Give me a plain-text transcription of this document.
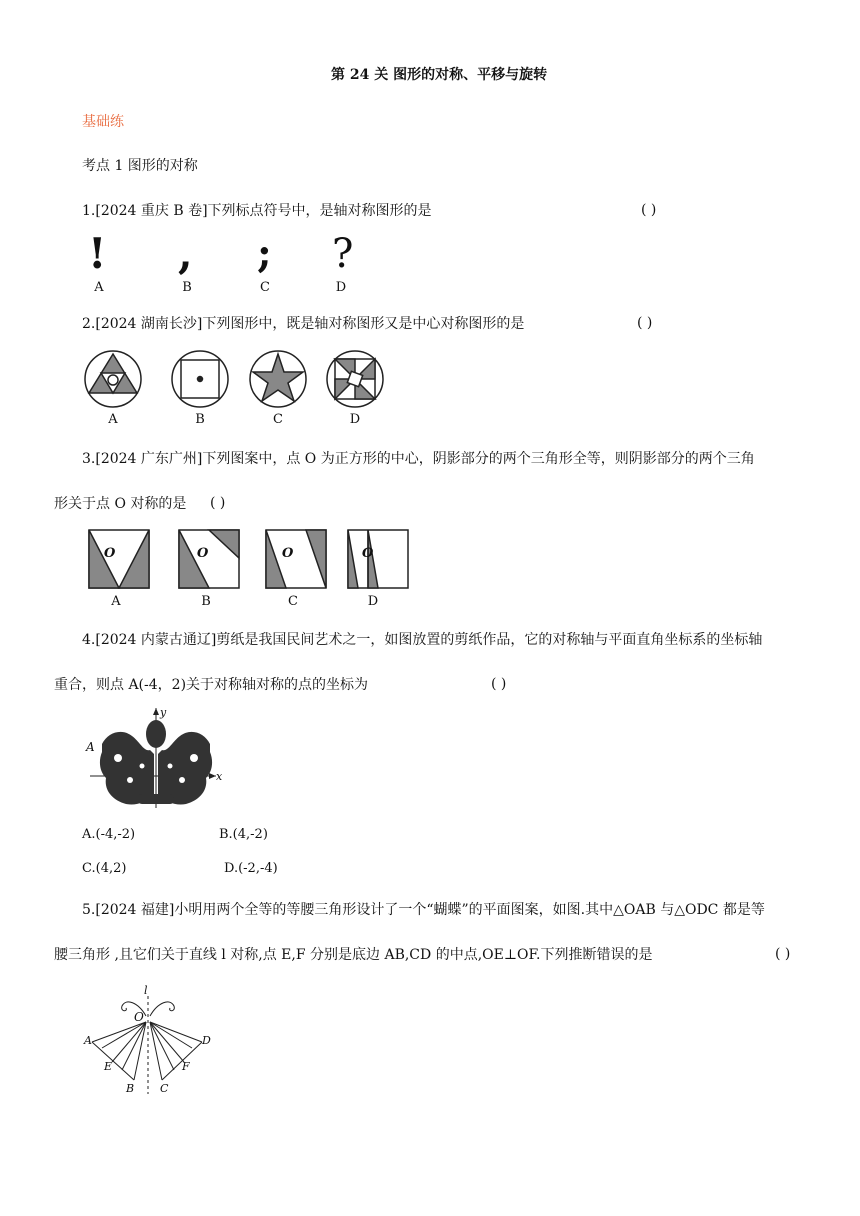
第 24 关 图形的对称、平移与旋转
基础练
考点 1 图形的对称
1.[2024 重庆 B 卷]下列标点符号中，是轴对称图形的是	( )
! , ; ?
A	B	C	D
2.[2024 湖南长沙]下列图形中，既是轴对称图形又是中心对称图形的是	( )
A	B	C	D
3.[2024 广东广州]下列图案中，点 O 为正方形的中心，阴影部分的两个三角形全等，则阴影部分的两个三角
形关于点 O 对称的是 ( )
O	O	O	O
A	B	C	D
4.[2024 内蒙古通辽]剪纸是我国民间艺术之一，如图放置的剪纸作品，它的对称轴与平面直角坐标系的坐标轴
重合，则点 A(-4，2)关于对称轴对称的点的坐标为	( )
y
x
A
A.(-4,-2)	B.(4,-2)
C.(4,2)	D.(-2,-4)
5.[2024 福建]小明用两个全等的等腰三角形设计了一个“蝴蝶”的平面图案，如图.其中△OAB 与△ODC 都是等
腰三角形 ,且它们关于直线 l 对称,点 E,F 分别是底边 AB,CD 的中点,OE⊥OF.下列推断错误的是	( )
l
O
A	D
E	F
B C
